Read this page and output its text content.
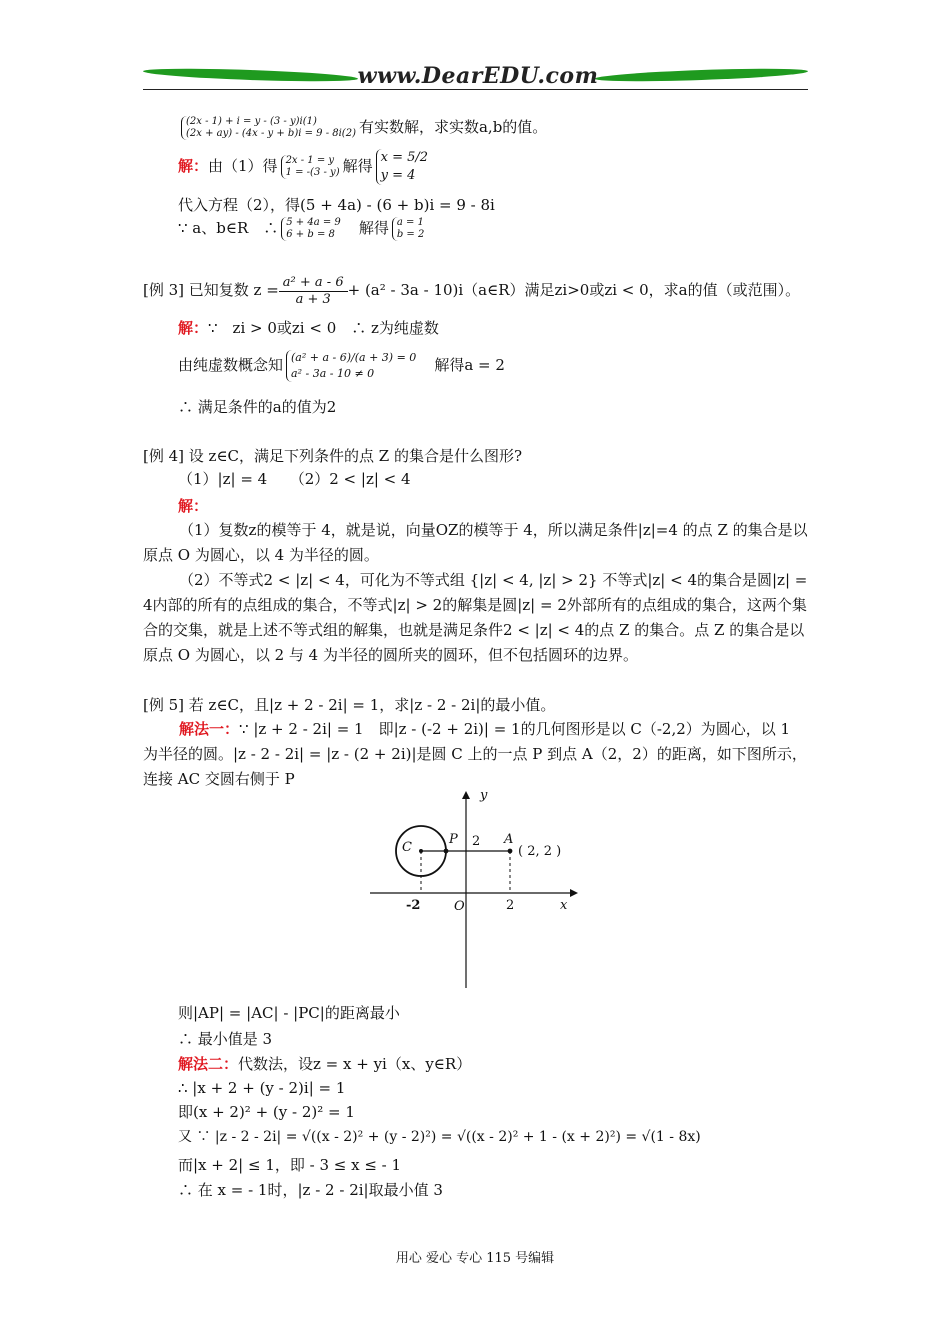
www.DearEDU.com
(2x - 1) + i = y - (3 - y)i(1)
(2x + ay) - (4x - y + b)i = 9 - 8i(2) 有实数解，求实数a,b的值。
解：由（1）得 2x - 1 = y
1 = -(3 - y) 解得 x = 5/2
y = 4
代入方程（2），得(5 + 4a) - (6 + b)i = 9 - 8i
∵ a、b∈R　∴ 5 + 4a = 9
6 + b = 8　 解得 a = 1
b = 2
[例 3] 已知复数 $z = \frac{\text{a² + a - 6}}{a + 3} + (a^2 - 3a$ - 10)i（a∈R）满足zi>0或zi < 0，求a的值（或范围）。
解：∵　zi > 0或zi < 0　∴ z为纯虚数
由纯虚数概念知 (a² + a - 6)/(a + 3) = 0
a² - 3a - 10 ≠ 0　	解得a = 2
∴ 满足条件的a的值为2
[例 4] 设 z∈C，满足下列条件的点 Z 的集合是什么图形?
（1）|z| = 4　　（2）2 < |z| < 4
解：
（1）复数z的模等于 4，就是说，向量OZ的模等于 4，所以满足条件|z|=4 的点 Z 的集合是以原点 O 为圆心，以 4 为半径的圆。
（2）不等式2 < |z| < 4，可化为不等式组 {|z| < 4, |z| > 2} 不等式|z| < 4的集合是圆|z| = 4内部的所有的点组成的集合，不等式|z| > 2的解集是圆|z| = 2外部所有的点组成的集合，这两个集合的交集，就是上述不等式组的解集，也就是满足条件2 < |z| < 4的点 Z 的集合。点 Z 的集合是以原点 O 为圆心，以 2 与 4 为半径的圆所夹的圆环，但不包括圆环的边界。
[例 5] 若 z∈C，且|z + 2 - 2i| = 1，求|z - 2 - 2i|的最小值。
解法一：∵ |z + 2 - 2i| = 1　即|z - (-2 + 2i)| = 1的几何图形是以 C（-2,2）为圆心，以 1 为半径的圆。|z - 2 - 2i| = |z - (2 + 2i)|是圆 C 上的一点 P 到点 A（2，2）的距离，如下图所示，连接 AC 交圆右侧于 P
y
x
O
C
P	A
2
-2	2
( 2, 2 )
则|AP| = |AC| - |PC|的距离最小
∴ 最小值是 3
解法二：代数法，设z = x + yi（x、y∈R）
∴ |x + 2 + (y - 2)i| = 1
即(x + 2)² + (y - 2)² = 1
又 ∵ |z - 2 - 2i| = √((x - 2)² + (y - 2)²) = √((x - 2)² + 1 - (x + 2)²) = √(1 - 8x)
而|x + 2| ≤ 1，即 - 3 ≤ x ≤ - 1
∴ 在 x = - 1时，|z - 2 - 2i|取最小值 3
用心 爱心 专心 115 号编辑
